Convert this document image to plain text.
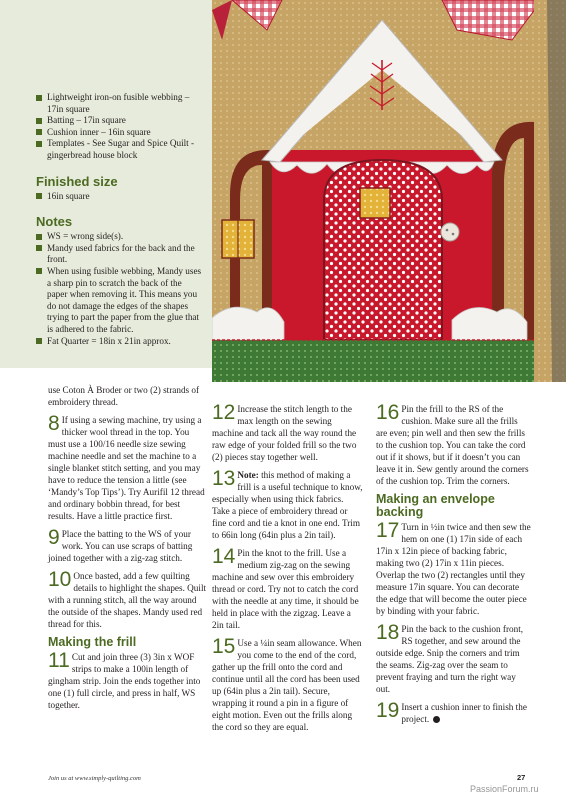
Lightweight iron-on fusible webbing – 17in square
Batting – 17in square
Cushion inner – 16in square
Templates - See Sugar and Spice Quilt - gingerbread house block
Finished size
16in square
Notes
WS = wrong side(s).
Mandy used fabrics for the back and the front.
When using fusible webbing, Mandy uses a sharp pin to scratch the back of the paper when removing it. This means you do not damage the edges of the shapes trying to part the paper from the glue that is adhered to the fabric.
Fat Quarter = 18in x 21in approx.

use Coton À Broder or two (2) strands of embroidery thread.

8 If using a sewing machine, try using a thicker wool thread in the top. You must use a 100/16 needle size sewing machine needle and set the machine to a single blanket stitch setting, and you may have to reduce the tension a little (see ‘Mandy’s Top Tips’). Try Aurifil 12 thread and ordinary bobbin thread, for best results. Have a little practice first.
9 Place the batting to the WS of your work. You can use scraps of batting joined together with a zig-zag stitch.
10 Once basted, add a few quilting details to highlight the shapes. Quilt with a running stitch, all the way around the outside of the shapes. Mandy used red thread for this.
Making the frill
11 Cut and join three (3) 3in x WOF strips to make a 100in length of gingham strip. Join the ends together into one (1) full circle, and press in half, WS together.
12 Increase the stitch length to the max length on the sewing machine and tack all the way round the raw edge of your folded frill so the two (2) pieces stay together well.
13 Note: this method of making a frill is a useful technique to know, especially when using thick fabrics. Take a piece of embroidery thread or fine cord and tie a knot in one end. Trim to 66in long (64in plus a 2in tail).
14 Pin the knot to the frill. Use a medium zig-zag on the sewing machine and sew over this embroidery thread or cord. Try not to catch the cord with the needle at any time, it should be held in place with the zigzag. Leave a 2in tail.
15 Use a ¼in seam allowance. When you come to the end of the cord, gather up the frill onto the cord and continue until all the cord has been used up (64in plus a 2in tail). Secure, wrapping it round a pin in a figure of eight motion. Even out the frills along the cord so they are equal.
16 Pin the frill to the RS of the cushion. Make sure all the frills are even; pin well and then sew the frills to the cushion top. You can take the cord out if it shows, but if it doesn’t you can leave it in. Sew gently around the corners of the cushion top. Trim the corners.
Making an envelope backing
17 Turn in ½in twice and then sew the hem on one (1) 17in side of each 17in x 12in piece of backing fabric, making two (2) 17in x 11in pieces. Overlap the two (2) rectangles until they measure 17in square. You can decorate the edge that will become the outer piece by binding with your fabric.
18 Pin the back to the cushion front, RS together, and sew around the outside edge. Snip the corners and trim the seams. Zig-zag over the seam to prevent fraying and turn the right way out.
19 Insert a cushion inner to finish the project.
Join us at www.simply-quilting.com	27
PassionForum.ru
